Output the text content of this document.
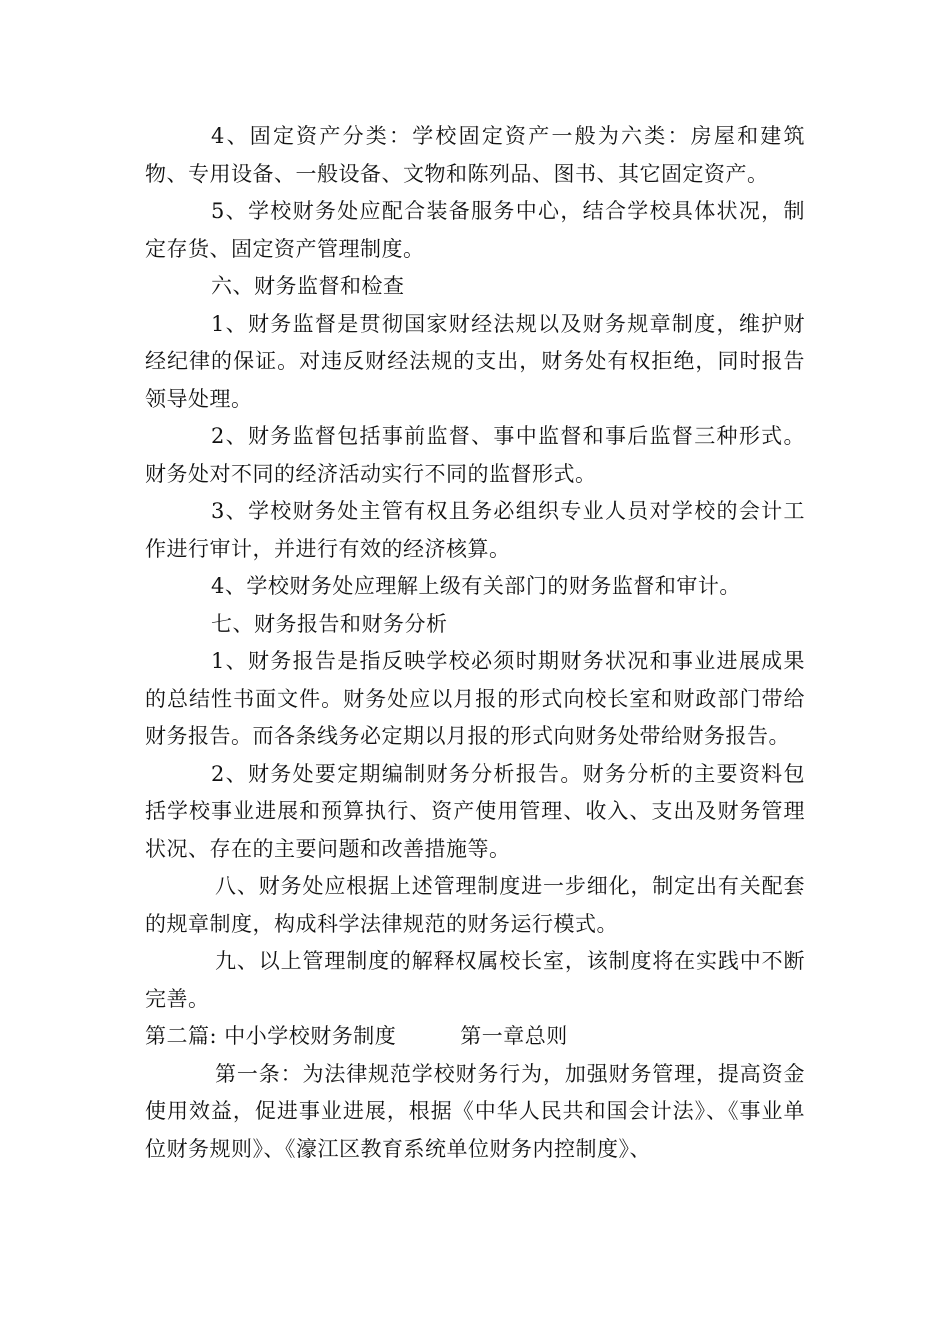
4、固定资产分类：学校固定资产一般为六类：房屋和建筑物、专用设备、一般设备、文物和陈列品、图书、其它固定资产。

5、学校财务处应配合装备服务中心，结合学校具体状况，制定存货、固定资产管理制度。

六、财务监督和检查

1、财务监督是贯彻国家财经法规以及财务规章制度，维护财经纪律的保证。对违反财经法规的支出，财务处有权拒绝，同时报告领导处理。

2、财务监督包括事前监督、事中监督和事后监督三种形式。财务处对不同的经济活动实行不同的监督形式。

3、学校财务处主管有权且务必组织专业人员对学校的会计工作进行审计，并进行有效的经济核算。

4、学校财务处应理解上级有关部门的财务监督和审计。

七、财务报告和财务分析

1、财务报告是指反映学校必须时期财务状况和事业进展成果的总结性书面文件。财务处应以月报的形式向校长室和财政部门带给财务报告。而各条线务必定期以月报的形式向财务处带给财务报告。

2、财务处要定期编制财务分析报告。财务分析的主要资料包括学校事业进展和预算执行、资产使用管理、收入、支出及财务管理状况、存在的主要问题和改善措施等。

八、财务处应根据上述管理制度进一步细化，制定出有关配套的规章制度，构成科学法律规范的财务运行模式。

九、以上管理制度的解释权属校长室，该制度将在实践中不断完善。

第二篇: 中小学校财务制度	第一章总则

第一条：为法律规范学校财务行为，加强财务管理，提高资金使用效益，促进事业进展，根据《中华人民共和国会计法》、《事业单位财务规则》、《濠江区教育系统单位财务内控制度》、
